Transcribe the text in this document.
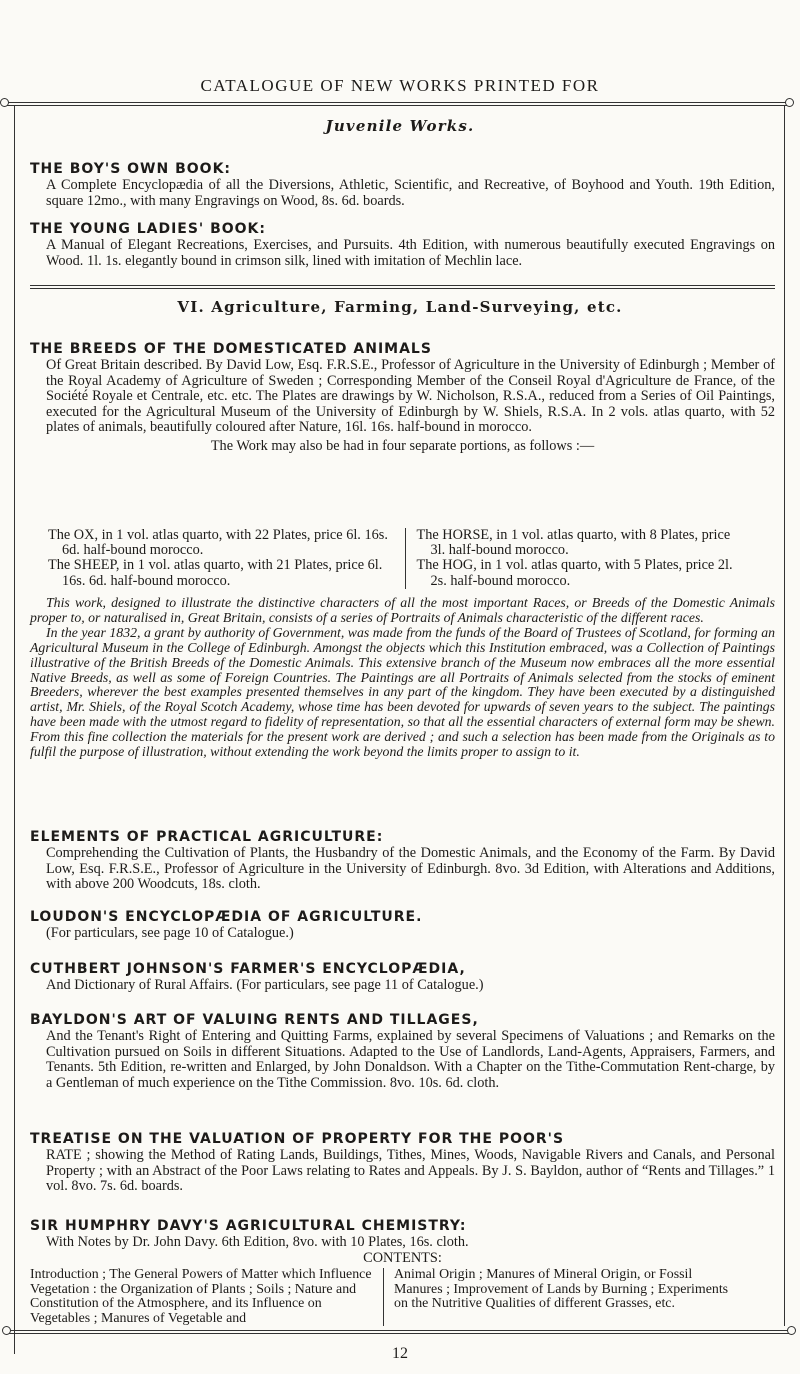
CATALOGUE OF NEW WORKS PRINTED FOR
Juvenile Works.
THE BOY'S OWN BOOK:

A Complete Encyclopædia of all the Diversions, Athletic, Scientific, and Recreative, of Boyhood and Youth. 19th Edition, square 12mo., with many Engravings on Wood, 8s. 6d. boards.

THE YOUNG LADIES' BOOK:

A Manual of Elegant Recreations, Exercises, and Pursuits. 4th Edition, with numerous beautifully executed Engravings on Wood. 1l. 1s. elegantly bound in crimson silk, lined with imitation of Mechlin lace.

VI. Agriculture, Farming, Land-Surveying, etc.
THE BREEDS OF THE DOMESTICATED ANIMALS

Of Great Britain described. By David Low, Esq. F.R.S.E., Professor of Agriculture in the University of Edinburgh ; Member of the Royal Academy of Agriculture of Sweden ; Corresponding Member of the Conseil Royal d'Agriculture de France, of the Société Royale et Centrale, etc. etc. The Plates are drawings by W. Nicholson, R.S.A., reduced from a Series of Oil Paintings, executed for the Agricultural Museum of the University of Edinburgh by W. Shiels, R.S.A. In 2 vols. atlas quarto, with 52 plates of animals, beautifully coloured after Nature, 16l. 16s. half-bound in morocco.

The Work may also be had in four separate portions, as follows :—

The OX, in 1 vol. atlas quarto, with 22 Plates, price 6l. 16s. 6d. half-bound morocco.

The SHEEP, in 1 vol. atlas quarto, with 21 Plates, price 6l. 16s. 6d. half-bound morocco.

The HORSE, in 1 vol. atlas quarto, with 8 Plates, price 3l. half-bound morocco.

The HOG, in 1 vol. atlas quarto, with 5 Plates, price 2l. 2s. half-bound morocco.

This work, designed to illustrate the distinctive characters of all the most important Races, or Breeds of the Domestic Animals proper to, or naturalised in, Great Britain, consists of a series of Portraits of Animals characteristic of the different races.

In the year 1832, a grant by authority of Government, was made from the funds of the Board of Trustees of Scotland, for forming an Agricultural Museum in the College of Edinburgh. Amongst the objects which this Institution embraced, was a Collection of Paintings illustrative of the British Breeds of the Domestic Animals. This extensive branch of the Museum now embraces all the more essential Native Breeds, as well as some of Foreign Countries. The Paintings are all Portraits of Animals selected from the stocks of eminent Breeders, wherever the best examples presented themselves in any part of the kingdom. They have been executed by a distinguished artist, Mr. Shiels, of the Royal Scotch Academy, whose time has been devoted for upwards of seven years to the subject. The paintings have been made with the utmost regard to fidelity of representation, so that all the essential characters of external form may be shewn. From this fine collection the materials for the present work are derived ; and such a selection has been made from the Originals as to fulfil the purpose of illustration, without extending the work beyond the limits proper to assign to it.

ELEMENTS OF PRACTICAL AGRICULTURE:

Comprehending the Cultivation of Plants, the Husbandry of the Domestic Animals, and the Economy of the Farm. By David Low, Esq. F.R.S.E., Professor of Agriculture in the University of Edinburgh. 8vo. 3d Edition, with Alterations and Additions, with above 200 Woodcuts, 18s. cloth.

LOUDON'S ENCYCLOPÆDIA OF AGRICULTURE.

(For particulars, see page 10 of Catalogue.)

CUTHBERT JOHNSON'S FARMER'S ENCYCLOPÆDIA,

And Dictionary of Rural Affairs. (For particulars, see page 11 of Catalogue.)

BAYLDON'S ART OF VALUING RENTS AND TILLAGES,

And the Tenant's Right of Entering and Quitting Farms, explained by several Specimens of Valuations ; and Remarks on the Cultivation pursued on Soils in different Situations. Adapted to the Use of Landlords, Land-Agents, Appraisers, Farmers, and Tenants. 5th Edition, re-written and Enlarged, by John Donaldson. With a Chapter on the Tithe-Commutation Rent-charge, by a Gentleman of much experience on the Tithe Commission. 8vo. 10s. 6d. cloth.

TREATISE ON THE VALUATION OF PROPERTY FOR THE POOR'S

RATE ; showing the Method of Rating Lands, Buildings, Tithes, Mines, Woods, Navigable Rivers and Canals, and Personal Property ; with an Abstract of the Poor Laws relating to Rates and Appeals. By J. S. Bayldon, author of “Rents and Tillages.” 1 vol. 8vo. 7s. 6d. boards.

SIR HUMPHRY DAVY'S AGRICULTURAL CHEMISTRY:

With Notes by Dr. John Davy. 6th Edition, 8vo. with 10 Plates, 16s. cloth.

CONTENTS:

Introduction ; The General Powers of Matter which Influence Vegetation : the Organization of Plants ; Soils ; Nature and Constitution of the Atmosphere, and its Influence on Vegetables ; Manures of Vegetable and

Animal Origin ; Manures of Mineral Origin, or Fossil Manures ; Improvement of Lands by Burning ; Experiments on the Nutritive Qualities of different Grasses, etc.

12
